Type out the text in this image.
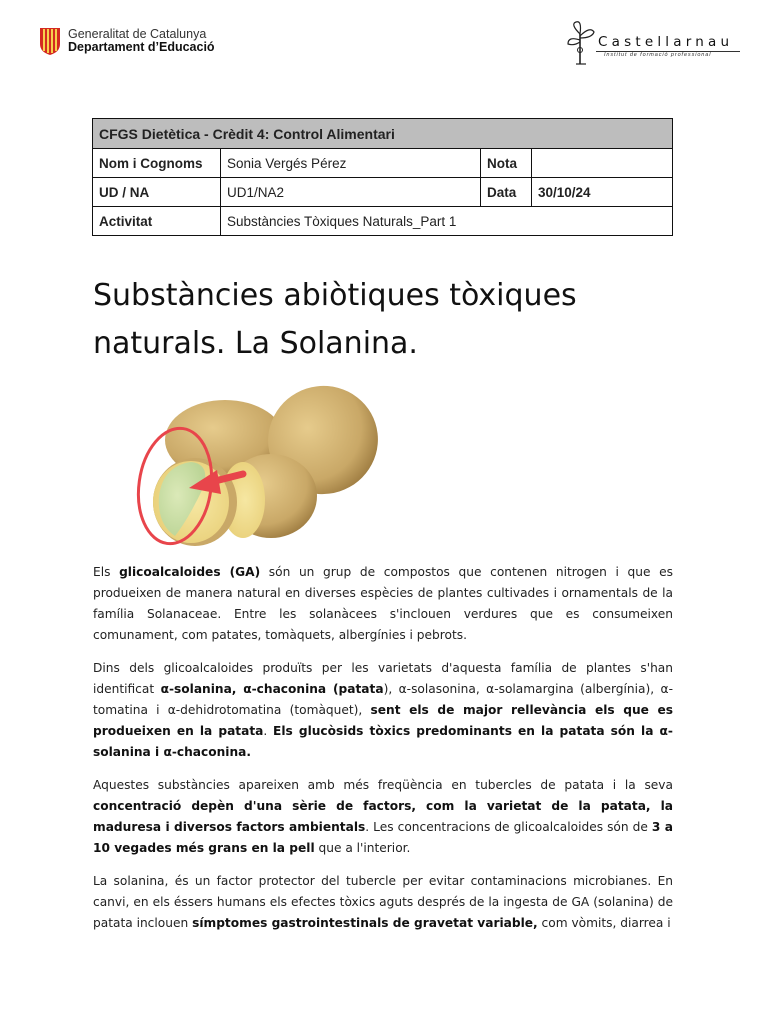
Generalitat de Catalunya
Departament d’Educació	Castellarnau
Institut de formació professional
CFGS Dietètica - Crèdit 4: Control Alimentari			
Nom i Cognoms	Sonia Vergés Pérez	Nota	
UD / NA	UD1/NA2	Data	30/10/24
Activitat	Substàncies Tòxiques Naturals_Part 1		
Substàncies abiòtiques tòxiques
naturals. La Solanina.

Els glicoalcaloides (GA) són un grup de compostos que contenen nitrogen i que es produeixen de manera natural en diverses espècies de plantes cultivades i ornamentals de la família Solanaceae. Entre les solanàcees s'inclouen verdures que es consumeixen comunament, com patates, tomàquets, albergínies i pebrots.

Dins dels glicoalcaloides produïts per les varietats d'aquesta família de plantes s'han identificat α-solanina, α-chaconina (patata), α-solasonina, α-solamargina (albergínia), α-tomatina i α-dehidrotomatina (tomàquet), sent els de major rellevància els que es produeixen en la patata. Els glucòsids tòxics predominants en la patata són la α-solanina i α-chaconina.

Aquestes substàncies apareixen amb més freqüència en tubercles de patata i la seva concentració depèn d'una sèrie de factors, com la varietat de la patata, la maduresa i diversos factors ambientals. Les concentracions de glicoalcaloides són de 3 a 10 vegades més grans en la pell que a l'interior.

La solanina, és un factor protector del tubercle per evitar contaminacions microbianes. En canvi, en els éssers humans els efectes tòxics aguts després de la ingesta de GA (solanina) de patata inclouen símptomes gastrointestinals de gravetat variable, com vòmits, diarrea i
